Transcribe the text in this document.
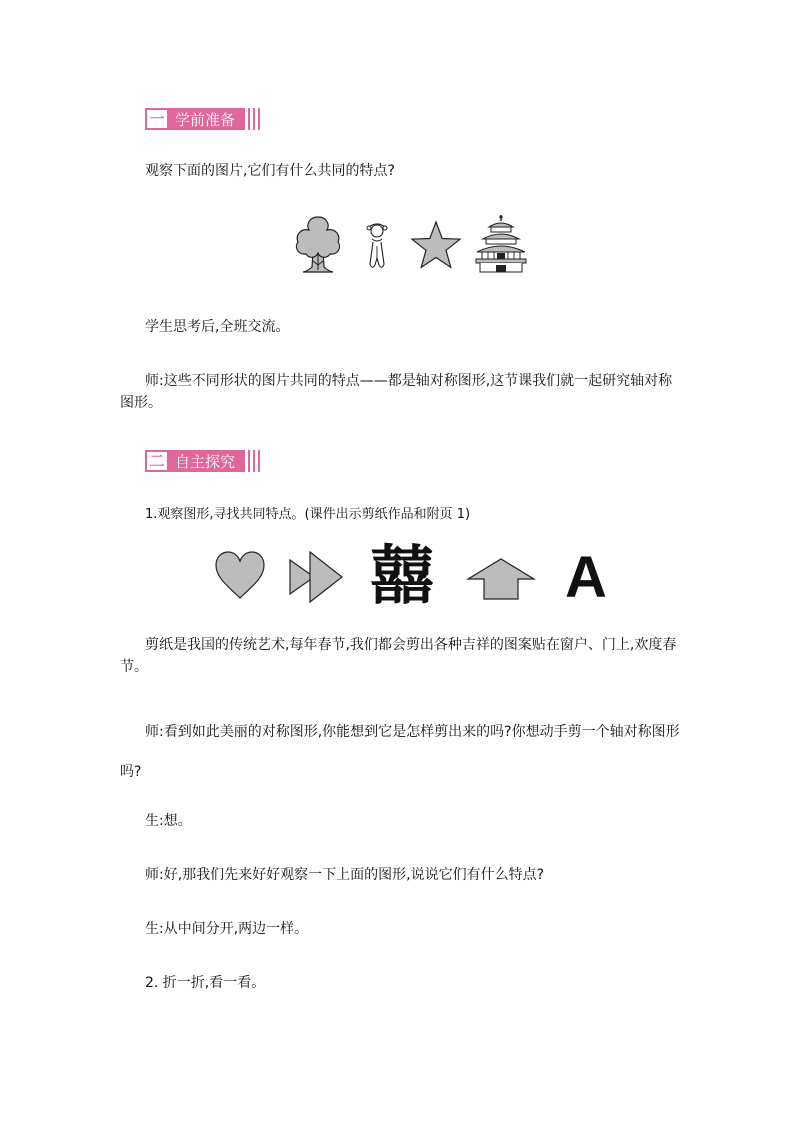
一 学前准备

观察下面的图片,它们有什么共同的特点?

学生思考后,全班交流。

师:这些不同形状的图片共同的特点——都是轴对称图形,这节课我们就一起研究轴对称图形。

二 自主探究

1.观察图形,寻找共同特点。(课件出示剪纸作品和附页 1)

囍 A

剪纸是我国的传统艺术,每年春节,我们都会剪出各种吉祥的图案贴在窗户、门上,欢度春节。

师:看到如此美丽的对称图形,你能想到它是怎样剪出来的吗?你想动手剪一个轴对称图形吗?

生:想。

师:好,那我们先来好好观察一下上面的图形,说说它们有什么特点?

生:从中间分开,两边一样。

2. 折一折,看一看。
